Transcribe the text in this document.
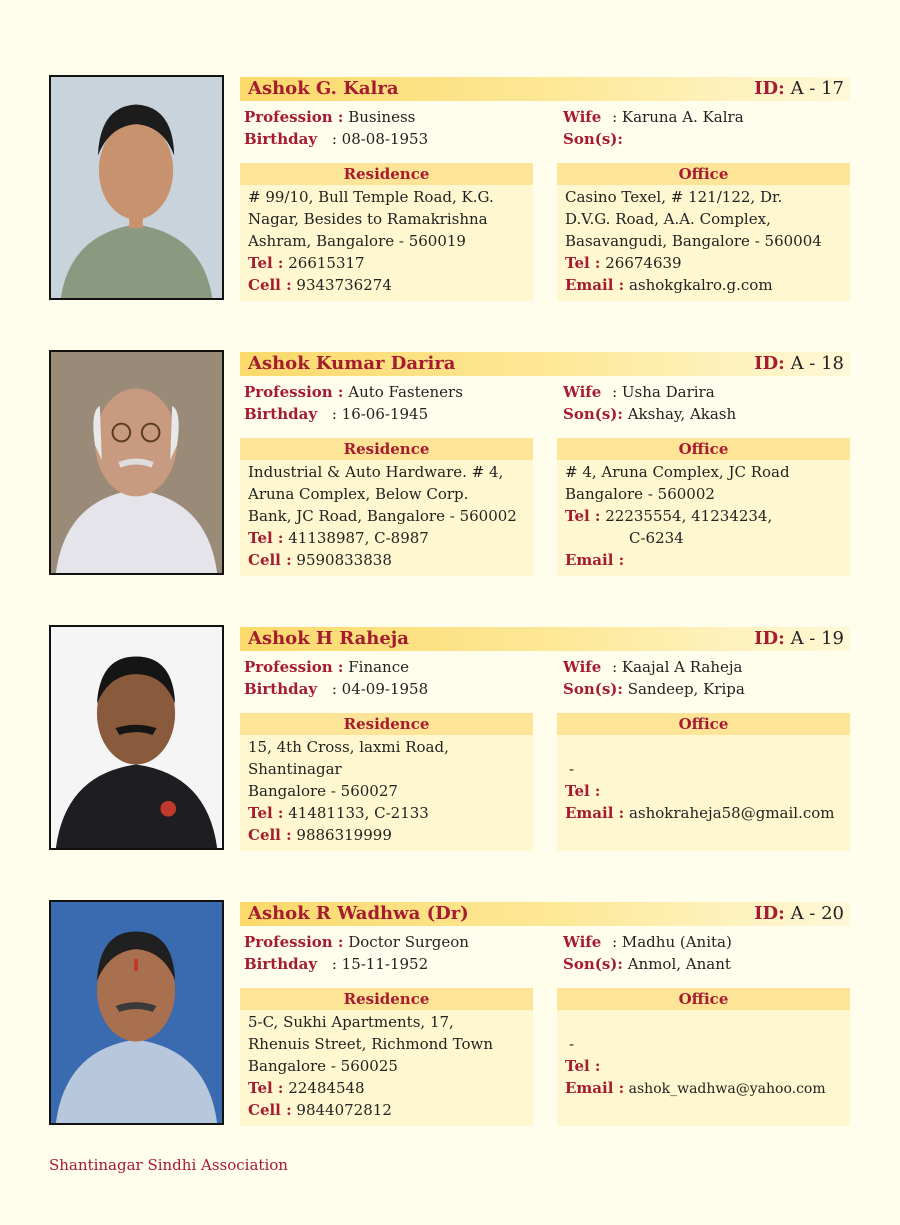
Ashok G. Kalra	ID: A - 17
Profession : Business
Birthday : 08-08-1953
Wife : Karuna A. Kalra
Son(s):
Residence
# 99/10, Bull Temple Road, K.G.
Nagar, Besides to Ramakrishna
Ashram, Bangalore - 560019
Tel : 26615317
Cell : 9343736274
Office
Casino Texel, # 121/122, Dr.
D.V.G. Road, A.A. Complex,
Basavangudi, Bangalore - 560004
Tel : 26674639
Email : ashokgkalro.g.com
Ashok Kumar Darira	ID: A - 18
Profession : Auto Fasteners
Birthday : 16-06-1945
Wife : Usha Darira
Son(s): Akshay, Akash
Residence
Industrial & Auto Hardware. # 4,
Aruna Complex, Below Corp.
Bank, JC Road, Bangalore - 560002
Tel : 41138987, C-8987
Cell : 9590833838
Office
# 4, Aruna Complex, JC Road
Bangalore - 560002
Tel : 22235554, 41234234,
C-6234
Email :
Ashok H Raheja	ID: A - 19
Profession : Finance
Birthday : 04-09-1958
Wife : Kaajal A Raheja
Son(s): Sandeep, Kripa
Residence
15, 4th Cross, laxmi Road,
Shantinagar
Bangalore - 560027
Tel : 41481133, C-2133
Cell : 9886319999
Office
-
Tel :
Email : ashokraheja58@gmail.com
Ashok R Wadhwa (Dr)	ID: A - 20
Profession : Doctor Surgeon
Birthday : 15-11-1952
Wife : Madhu (Anita)
Son(s): Anmol, Anant
Residence
5-C, Sukhi Apartments, 17,
Rhenuis Street, Richmond Town
Bangalore - 560025
Tel : 22484548
Cell : 9844072812
Office
-
Tel :
Email : ashok_wadhwa@yahoo.com
Shantinagar Sindhi Association
